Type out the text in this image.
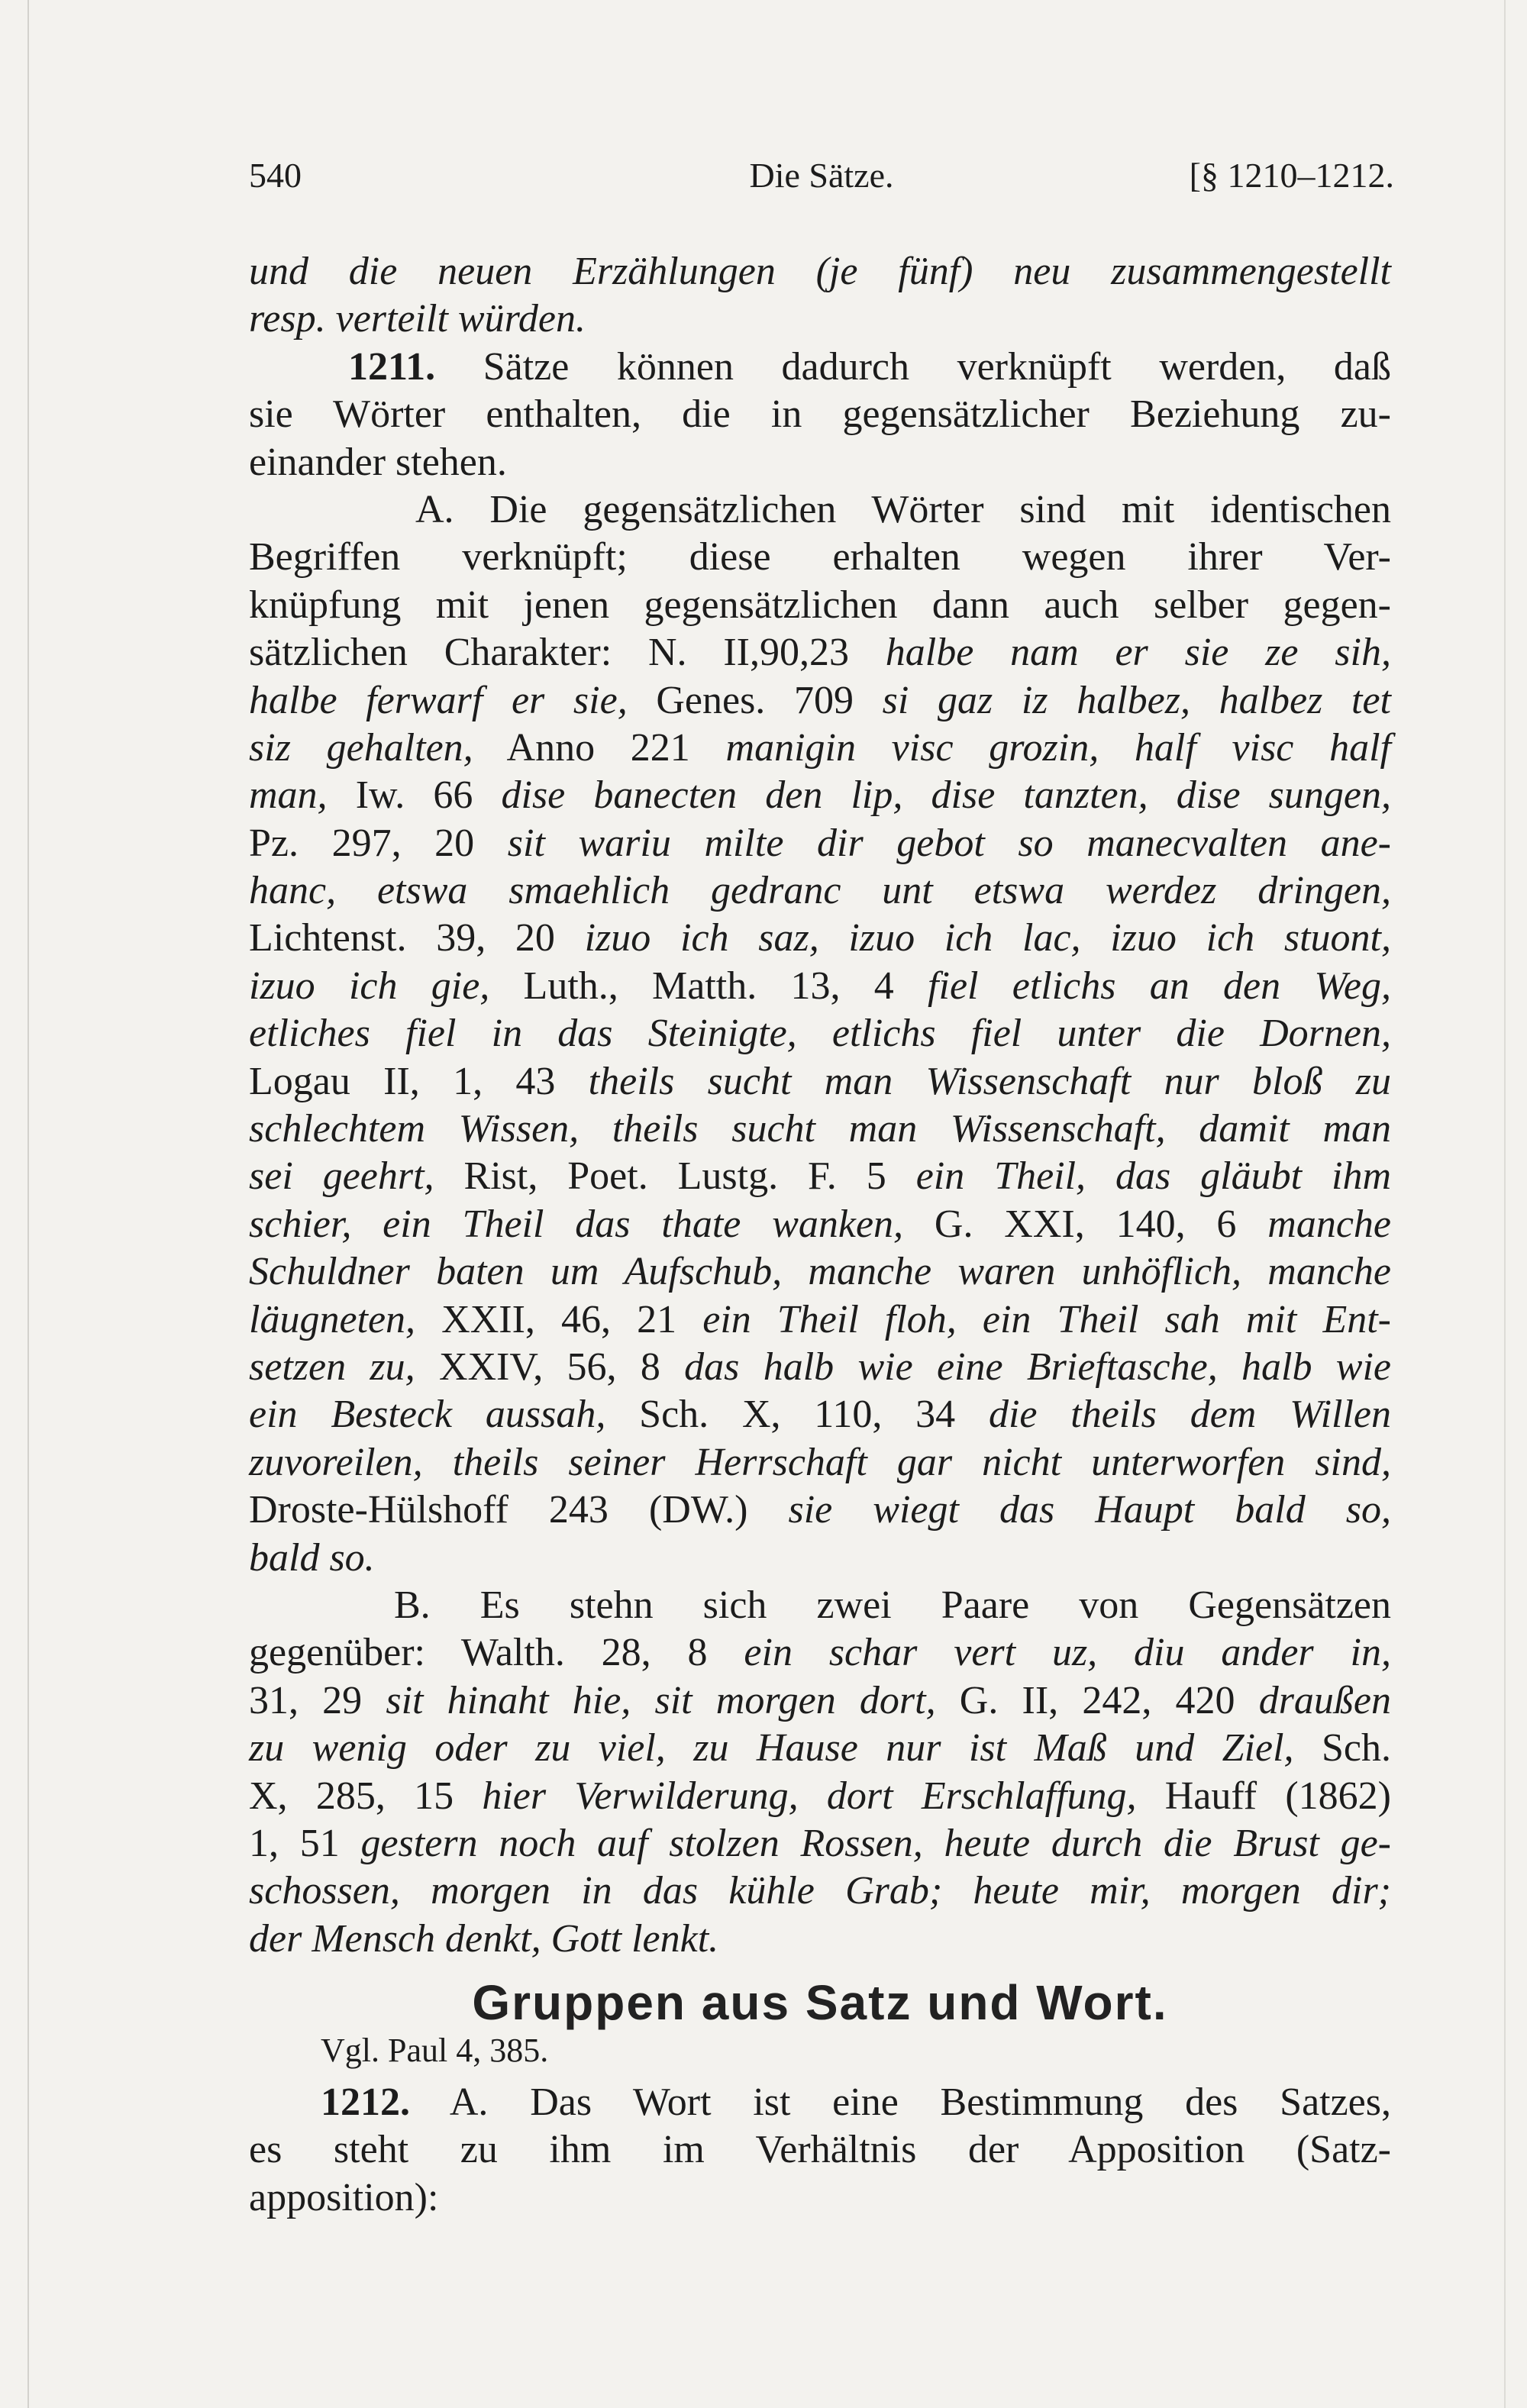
540	Die Sätze.	[§ 1210–1212.
und die neuen Erzählungen (je fünf) neu zusammengestellt
resp. verteilt würden.
1211. Sätze können dadurch verknüpft werden, daß
sie Wörter enthalten, die in gegensätzlicher Beziehung zu-
einander stehen.
A. Die gegensätzlichen Wörter sind mit identischen
Begriffen verknüpft; diese erhalten wegen ihrer Ver-
knüpfung mit jenen gegensätzlichen dann auch selber gegen-
sätzlichen Charakter: N. II,90,23 halbe nam er sie ze sih,
halbe ferwarf er sie, Genes. 709 si gaz iz halbez, halbez tet
siz gehalten, Anno 221 manigin visc grozin, half visc half
man, Iw. 66 dise banecten den lip, dise tanzten, dise sungen,
Pz. 297, 20 sit wariu milte dir gebot so manecvalten ane-
hanc, etswa smaehlich gedranc unt etswa werdez dringen,
Lichtenst. 39, 20 izuo ich saz, izuo ich lac, izuo ich stuont,
izuo ich gie, Luth., Matth. 13, 4 fiel etlichs an den Weg,
etliches fiel in das Steinigte, etlichs fiel unter die Dornen,
Logau II, 1, 43 theils sucht man Wissenschaft nur bloß zu
schlechtem Wissen, theils sucht man Wissenschaft, damit man
sei geehrt, Rist, Poet. Lustg. F. 5 ein Theil, das gläubt ihm
schier, ein Theil das thate wanken, G. XXI, 140, 6 manche
Schuldner baten um Aufschub, manche waren unhöflich, manche
läugneten, XXII, 46, 21 ein Theil floh, ein Theil sah mit Ent-
setzen zu, XXIV, 56, 8 das halb wie eine Brieftasche, halb wie
ein Besteck aussah, Sch. X, 110, 34 die theils dem Willen
zuvoreilen, theils seiner Herrschaft gar nicht unterworfen sind,
Droste-Hülshoff 243 (DW.) sie wiegt das Haupt bald so,
bald so.
B. Es stehn sich zwei Paare von Gegensätzen
gegenüber: Walth. 28, 8 ein schar vert uz, diu ander in,
31, 29 sit hinaht hie, sit morgen dort, G. II, 242, 420 draußen
zu wenig oder zu viel, zu Hause nur ist Maß und Ziel, Sch.
X, 285, 15 hier Verwilderung, dort Erschlaffung, Hauff (1862)
1, 51 gestern noch auf stolzen Rossen, heute durch die Brust ge-
schossen, morgen in das kühle Grab; heute mir, morgen dir;
der Mensch denkt, Gott lenkt.
Gruppen aus Satz und Wort.
Vgl. Paul 4, 385.
1212. A. Das Wort ist eine Bestimmung des Satzes,
es steht zu ihm im Verhältnis der Apposition (Satz-
apposition):
